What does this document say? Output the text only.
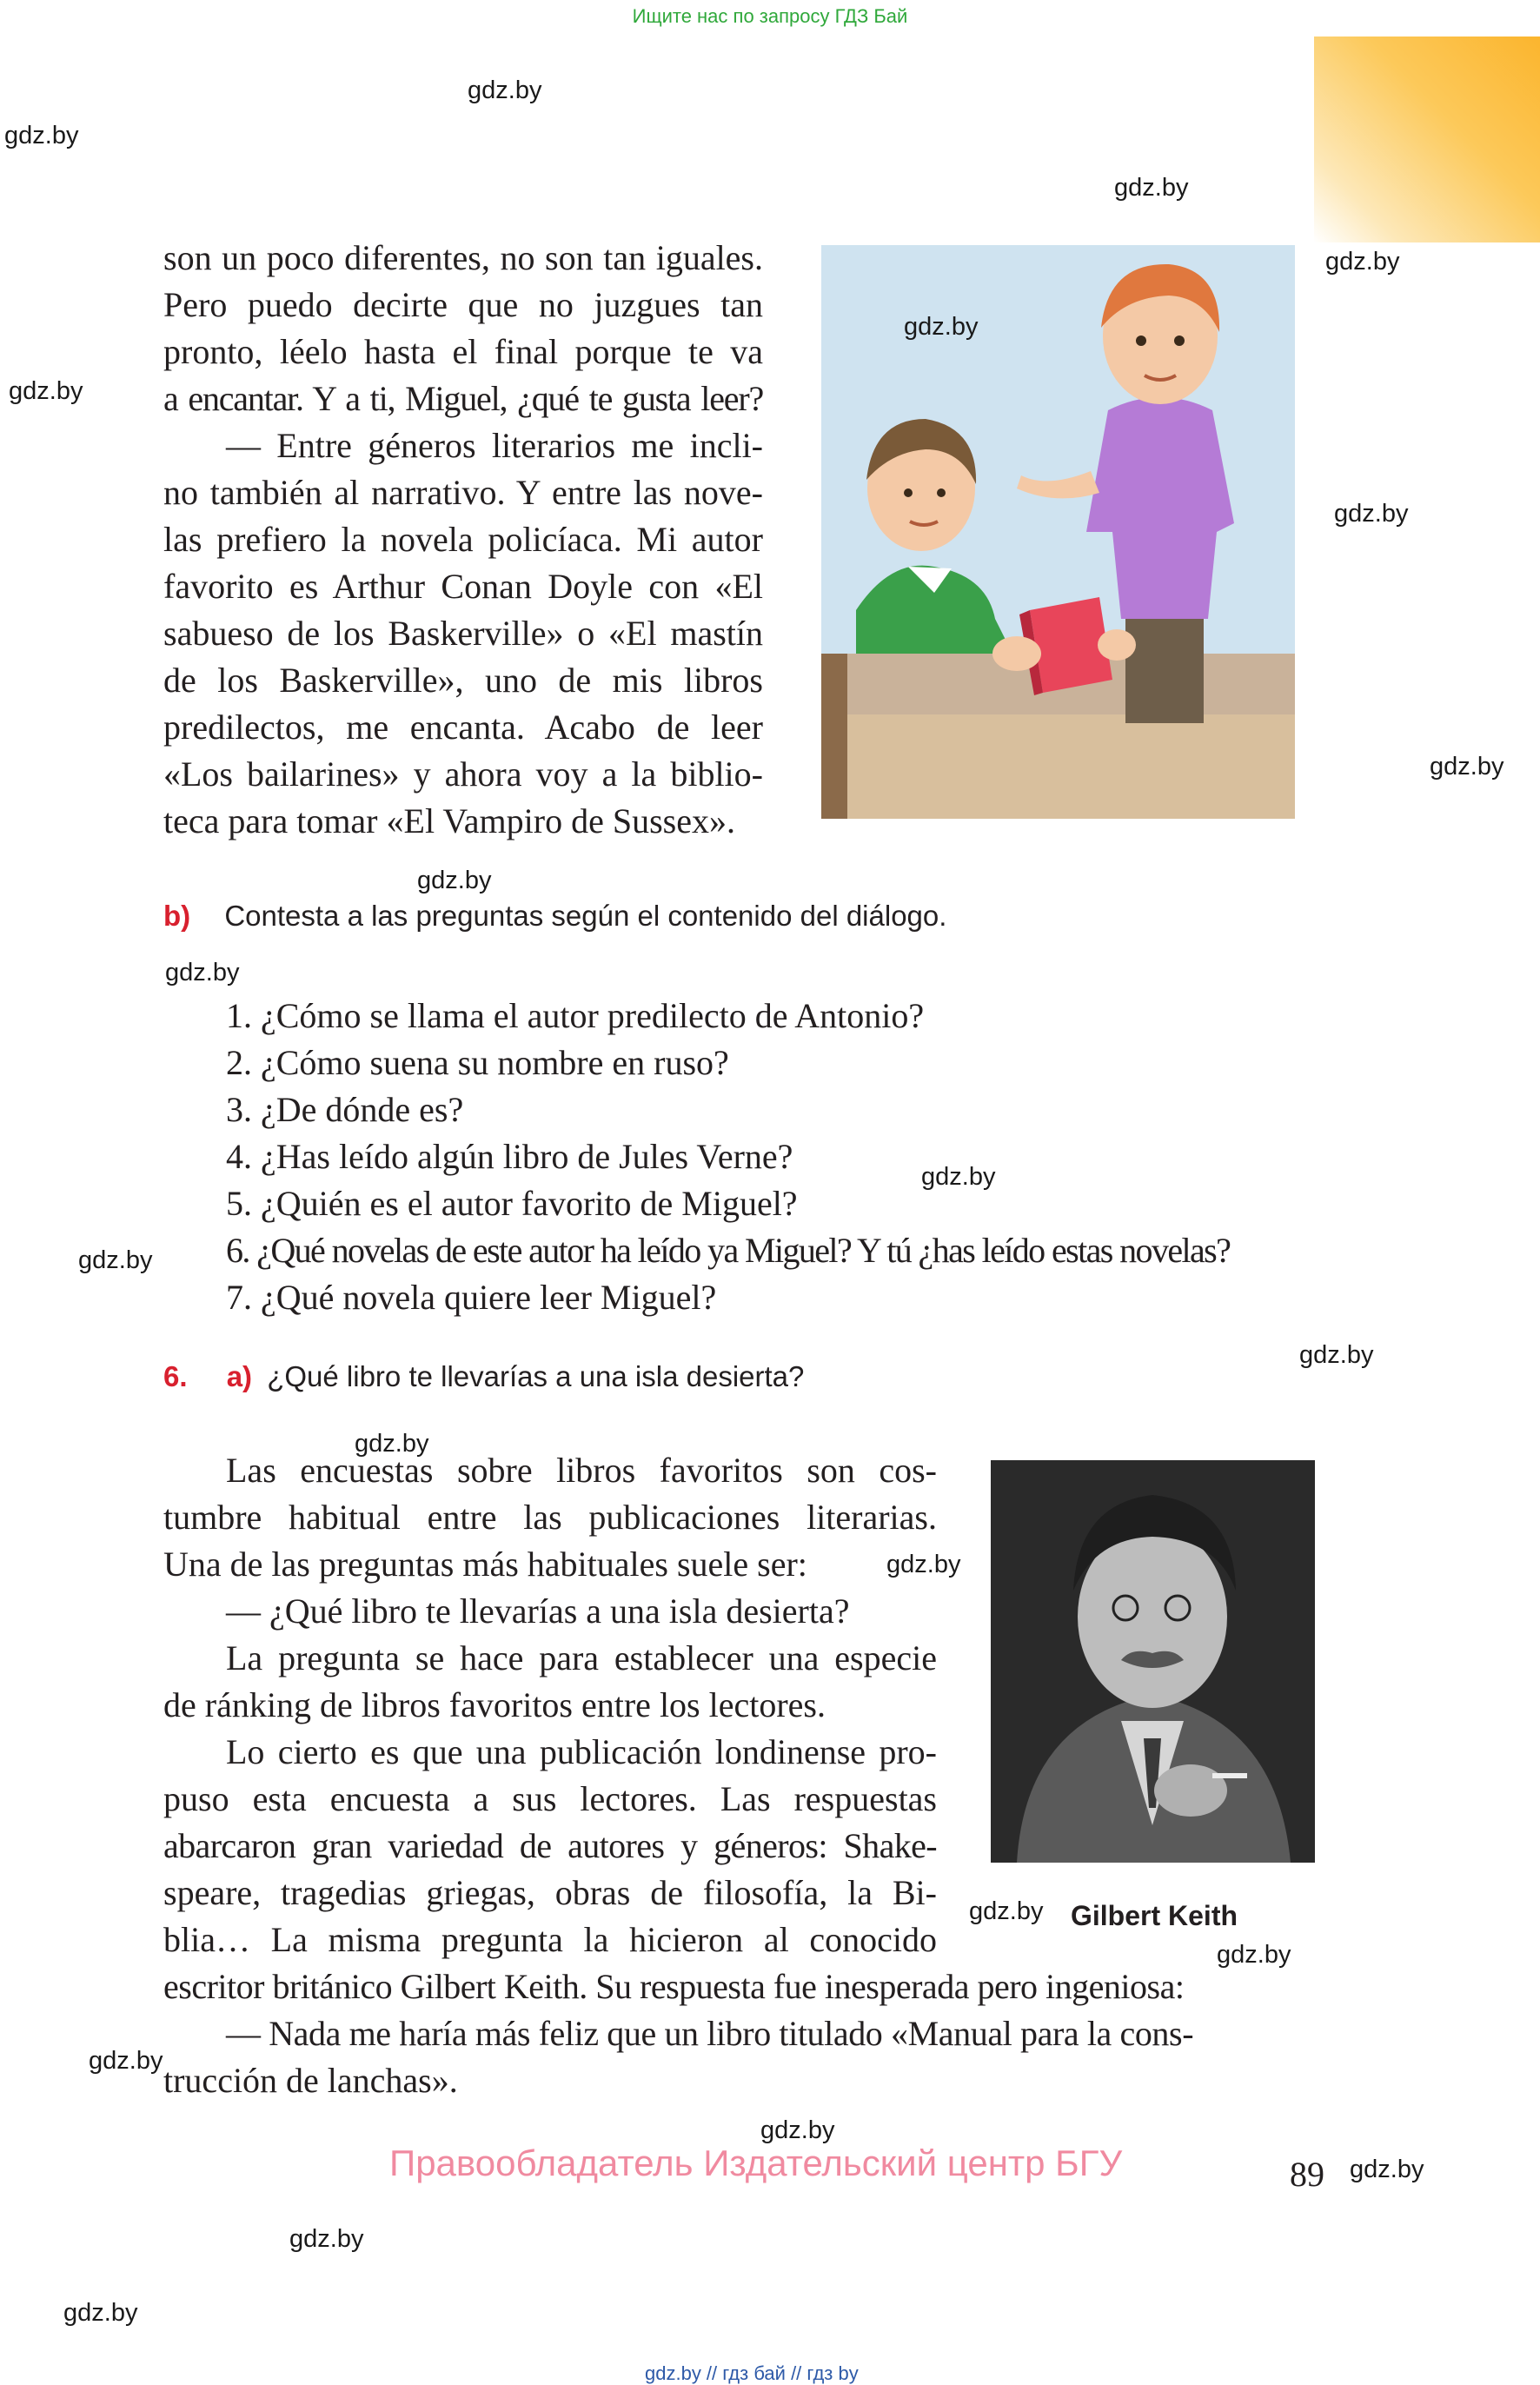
Ищите нас по запросу ГДЗ Бай
son un poco diferentes, no son tan iguales.
Pero puedo decirte que no juzgues tan
pronto, léelo hasta el final porque te va
a encantar. Y a ti, Miguel, ¿qué te gusta leer?
— Entre géneros literarios me incli-
no también al narrativo. Y entre las nove-
las prefiero la novela policíaca. Mi autor
favorito es Arthur Conan Doyle con «El
sabueso de los Baskerville» o «El mastín
de los Baskerville», uno de mis libros
predilectos, me encanta. Acabo de leer
«Los bailarines» y ahora voy a la biblio-
teca para tomar «El Vampiro de Sussex».
b) Contesta a las preguntas según el contenido del diálogo.
1. ¿Cómo se llama el autor predilecto de Antonio?
2. ¿Cómo suena su nombre en ruso?
3. ¿De dónde es?
4. ¿Has leído algún libro de Jules Verne?
5. ¿Quién es el autor favorito de Miguel?
6. ¿Qué novelas de este autor ha leído ya Miguel? Y tú ¿has leído estas novelas?
7. ¿Qué novela quiere leer Miguel?
6. a) ¿Qué libro te llevarías a una isla desierta?
Las encuestas sobre libros favoritos son cos-
tumbre habitual entre las publicaciones literarias.
Una de las preguntas más habituales suele ser:
— ¿Qué libro te llevarías a una isla desierta?
La pregunta se hace para establecer una especie
de ránking de libros favoritos entre los lectores.
Lo cierto es que una publicación londinense pro-
puso esta encuesta a sus lectores. Las respuestas
abarcaron gran variedad de autores y géneros: Shake-
speare, tragedias griegas, obras de filosofía, la Bi-
blia… La misma pregunta la hicieron al conocido
escritor británico Gilbert Keith. Su respuesta fue inesperada pero ingeniosa:
— Nada me haría más feliz que un libro titulado «Manual para la cons-
trucción de lanchas».
Gilbert Keith
Правообладатель Издательский центр БГУ	89
gdz.by // гдз бай // гдз by
gdz.by
gdz.by
gdz.by
gdz.by
gdz.by
gdz.by
gdz.by
gdz.by
gdz.by
gdz.by
gdz.by
gdz.by
gdz.by
gdz.by
gdz.by
gdz.by
gdz.by
gdz.by
gdz.by
gdz.by
gdz.by
gdz.by
